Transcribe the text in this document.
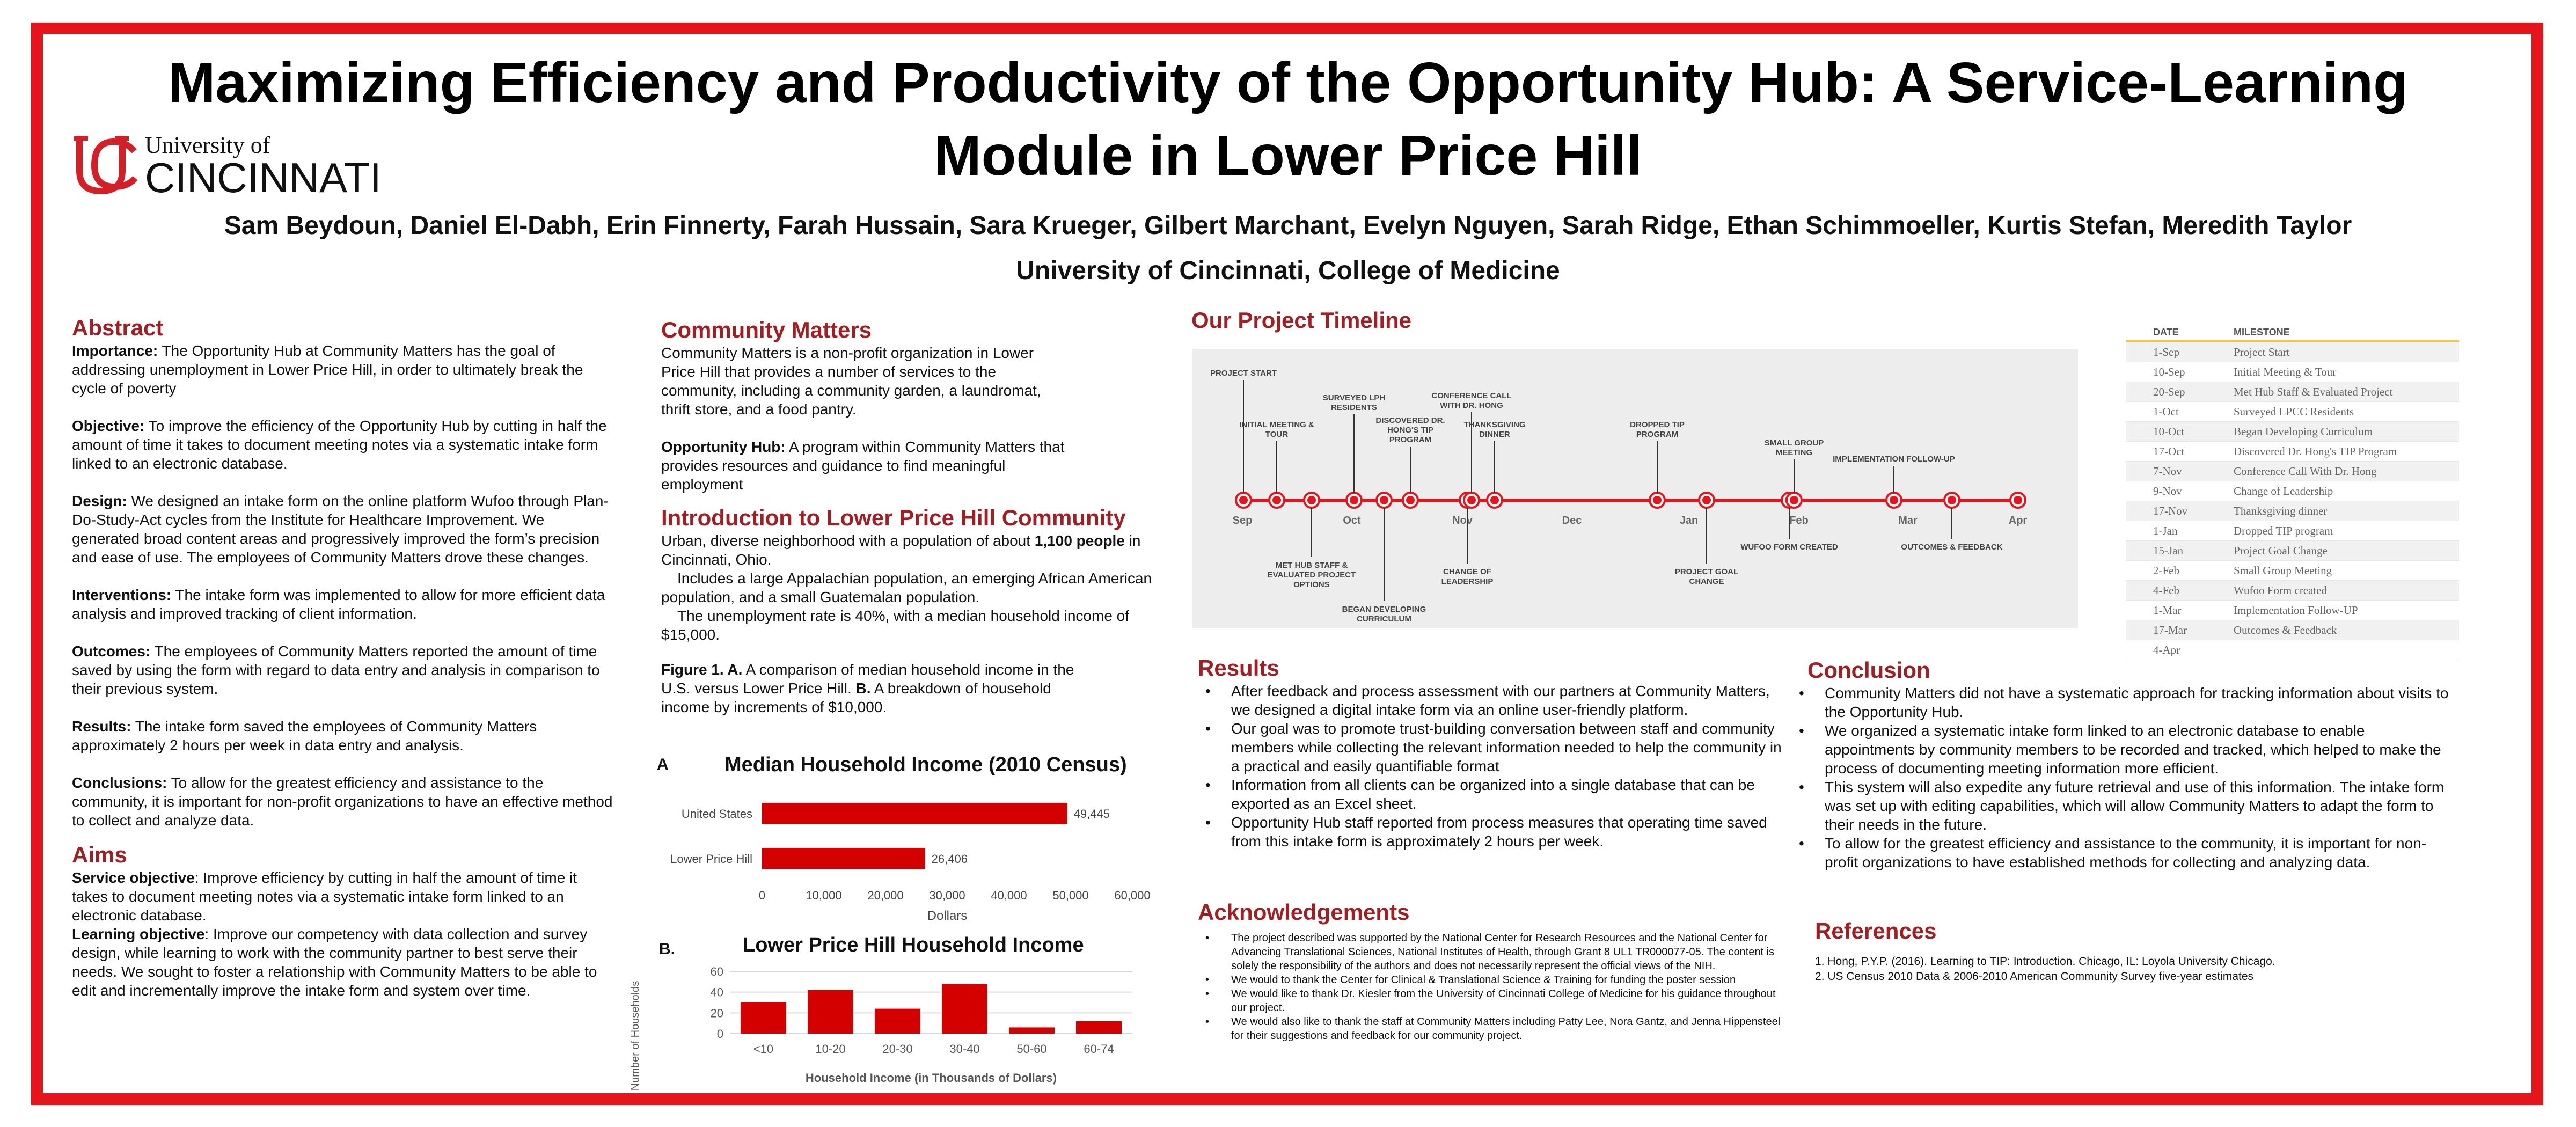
University of
CINCINNATI
Maximizing Efficiency and Productivity of the Opportunity Hub: A Service-Learning Module in Lower Price Hill
Sam Beydoun, Daniel El-Dabh, Erin Finnerty, Farah Hussain, Sara Krueger, Gilbert Marchant, Evelyn Nguyen, Sarah Ridge, Ethan Schimmoeller, Kurtis Stefan, Meredith Taylor
University of Cincinnati, College of Medicine
Abstract

Importance: The Opportunity Hub at Community Matters has the goal of addressing unemployment in Lower Price Hill, in order to ultimately break the cycle of poverty

Objective: To improve the efficiency of the Opportunity Hub by cutting in half the amount of time it takes to document meeting notes via a systematic intake form linked to an electronic database.

Design: We designed an intake form on the online platform Wufoo through Plan-Do-Study-Act cycles from the Institute for Healthcare Improvement. We generated broad content areas and progressively improved the form’s precision and ease of use. The employees of Community Matters drove these changes.

Interventions: The intake form was implemented to allow for more efficient data analysis and improved tracking of client information.

Outcomes: The employees of Community Matters reported the amount of time saved by using the form with regard to data entry and analysis in comparison to their previous system.

Results: The intake form saved the employees of Community Matters approximately 2 hours per week in data entry and analysis.

Conclusions: To allow for the greatest efficiency and assistance to the community, it is important for non-profit organizations to have an effective method to collect and analyze data.

Aims

Service objective: Improve efficiency by cutting in half the amount of time it takes to document meeting notes via a systematic intake form linked to an electronic database.

Learning objective: Improve our competency with data collection and survey design, while learning to work with the community partner to best serve their needs. We sought to foster a relationship with Community Matters to be able to edit and incrementally improve the intake form and system over time.

Community Matters

Community Matters is a non-profit organization in Lower Price Hill that provides a number of services to the community, including a community garden, a laundromat, thrift store, and a food pantry.

Opportunity Hub: A program within Community Matters that provides resources and guidance to find meaningful employment

Introduction to Lower Price Hill Community

Urban, diverse neighborhood with a population of about 1,100 people in Cincinnati, Ohio.

Includes a large Appalachian population, an emerging African American population, and a small Guatemalan population.

The unemployment rate is 40%, with a median household income of $15,000.

Figure 1. A. A comparison of median household income in the U.S. versus Lower Price Hill. B. A breakdown of household income by increments of $10,000.

A	Median Household Income (2010 Census)
United States	49,445
Lower Price Hill	26,406
0	10,000 20,000 30,000 40,000 50,000 60,000
Dollars
B.	Lower Price Hill Household Income
0
20
40
60
<10	10-20	20-30	30-40	50-60	60-74
Household Income (in Thousands of Dollars)
Number of Households
Our Project Timeline
Sep	Oct	Nov	Dec	Jan	Feb	Mar	Apr
PROJECT START
INITIAL MEETING &
TOUR
SURVEYED LPH
RESIDENTS
DISCOVERED DR.
HONG'S TIP
PROGRAM
CONFERENCE CALL
WITH DR. HONG
THANKSGIVING
DINNER
DROPPED TIP
PROGRAM
SMALL GROUP
MEETING
IMPLEMENTATION FOLLOW-UP
MET HUB STAFF &
EVALUATED PROJECT
OPTIONS
BEGAN DEVELOPING
CURRICULUM
CHANGE OF
LEADERSHIP
PROJECT GOAL
CHANGE
WUFOO FORM CREATED	OUTCOMES & FEEDBACK
DATE	MILESTONE
1-Sep	Project Start
10-Sep	Initial Meeting & Tour
20-Sep	Met Hub Staff & Evaluated Project
1-Oct	Surveyed LPCC Residents
10-Oct	Began Developing Curriculum
17-Oct	Discovered Dr. Hong's TIP Program
7-Nov	Conference Call With Dr. Hong
9-Nov	Change of Leadership
17-Nov	Thanksgiving dinner
1-Jan	Dropped TIP program
15-Jan	Project Goal Change
2-Feb	Small Group Meeting
4-Feb	Wufoo Form created
1-Mar	Implementation Follow-UP
17-Mar	Outcomes & Feedback
4-Apr
Results
• After feedback and process assessment with our partners at Community Matters, we designed a digital intake form via an online user-friendly platform.
• Our goal was to promote trust-building conversation between staff and community members while collecting the relevant information needed to help the community in a practical and easily quantifiable format
• Information from all clients can be organized into a single database that can be exported as an Excel sheet.
• Opportunity Hub staff reported from process measures that operating time saved from this intake form is approximately 2 hours per week.
Acknowledgements
• The project described was supported by the National Center for Research Resources and the National Center for Advancing Translational Sciences, National Institutes of Health, through Grant 8 UL1 TR000077-05. The content is solely the responsibility of the authors and does not necessarily represent the official views of the NIH.
• We would to thank the Center for Clinical & Translational Science & Training for funding the poster session
• We would like to thank Dr. Kiesler from the University of Cincinnati College of Medicine for his guidance throughout our project.
• We would also like to thank the staff at Community Matters including Patty Lee, Nora Gantz, and Jenna Hippensteel for their suggestions and feedback for our community project.
Conclusion
• Community Matters did not have a systematic approach for tracking information about visits to the Opportunity Hub.
• We organized a systematic intake form linked to an electronic database to enable appointments by community members to be recorded and tracked, which helped to make the process of documenting meeting information more efficient.
• This system will also expedite any future retrieval and use of this information. The intake form was set up with editing capabilities, which will allow Community Matters to adapt the form to their needs in the future.
• To allow for the greatest efficiency and assistance to the community, it is important for non-profit organizations to have established methods for collecting and analyzing data.
References
1. Hong, P.Y.P. (2016). Learning to TIP: Introduction. Chicago, IL: Loyola University Chicago.
2. US Census 2010 Data & 2006-2010 American Community Survey five-year estimates
